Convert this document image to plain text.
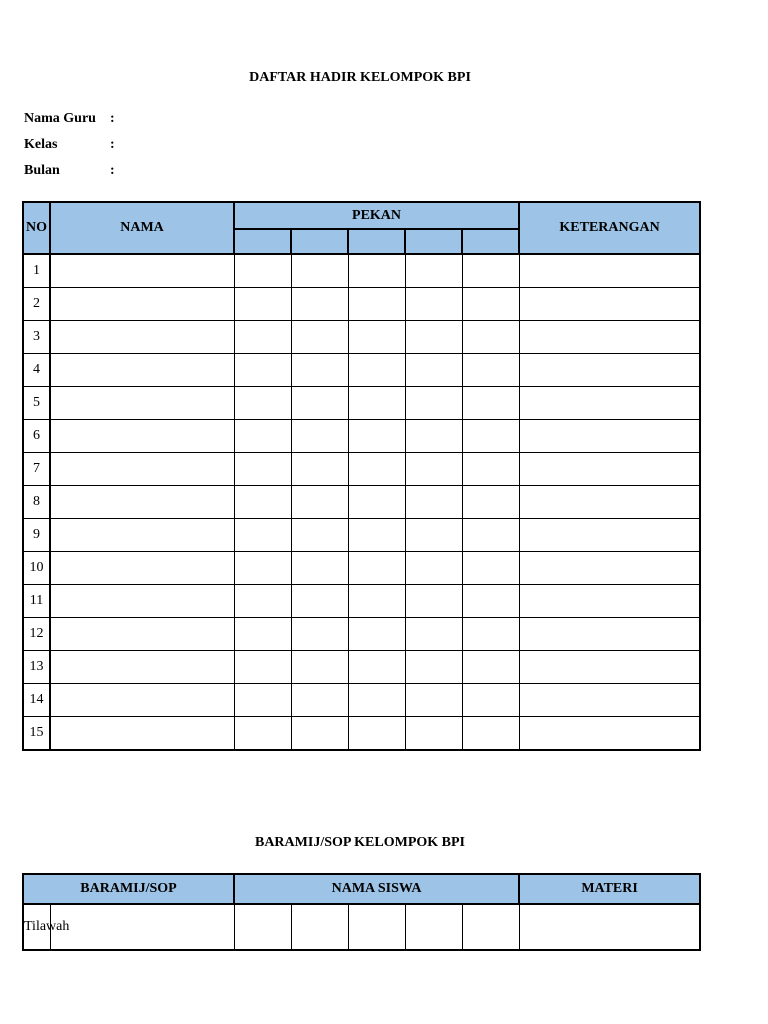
DAFTAR HADIR KELOMPOK BPI
Nama Guru :
Kelas	:
Bulan	:
NO	NAMA	PEKAN					KETERANGAN

1							
2							
3							
4							
5							
6							
7							
8							
9							
10							
11							
12							
13							
14							
15							
BARAMIJ/SOP KELOMPOK BPI
BARAMIJ/SOP		NAMA SISWA					MATERI
Tilawah							
